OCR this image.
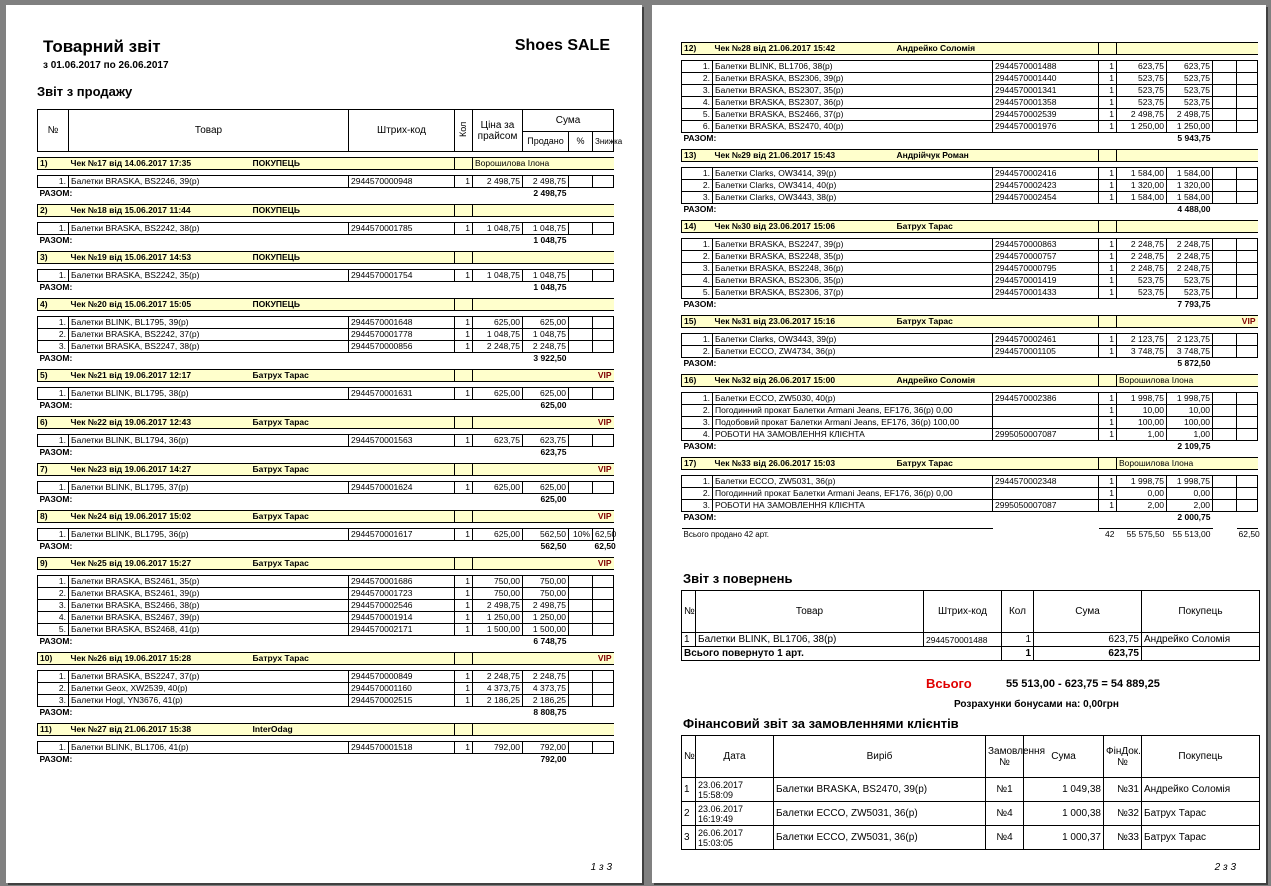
Товарний звіт	Shoes SALE
з 01.06.2017 по 26.06.2017
Звіт з продажу
№	Товар	Штрих-код	Кол	Ціна за прайсом	Сума		
					Продано	%	Знижка

1)	Чек №17 від 14.06.2017 17:35 ПОКУПЕЦЬ			Ворошилова Ілона			

1.	Балетки BRASKA, BS2246, 39(р)	2944570000948	1	2 498,75	2 498,75		
РАЗОМ:					2 498,75		

2)	Чек №18 від 15.06.2017 11:44 ПОКУПЕЦЬ						

1.	Балетки BRASKA, BS2242, 38(р)	2944570001785	1	1 048,75	1 048,75		
РАЗОМ:					1 048,75		

3)	Чек №19 від 15.06.2017 14:53 ПОКУПЕЦЬ						

1.	Балетки BRASKA, BS2242, 35(р)	2944570001754	1	1 048,75	1 048,75		
РАЗОМ:					1 048,75		

4)	Чек №20 від 15.06.2017 15:05 ПОКУПЕЦЬ						

1.	Балетки BLINK, BL1795, 39(р)	2944570001648	1	625,00	625,00		
2.	Балетки BRASKA, BS2242, 37(р)	2944570001778	1	1 048,75	1 048,75		
3.	Балетки BRASKA, BS2247, 38(р)	2944570000856	1	2 248,75	2 248,75		
РАЗОМ:					3 922,50		

5)	Чек №21 від 19.06.2017 12:17 Батрух Тарас						VIP

1.	Балетки BLINK, BL1795, 38(р)	2944570001631	1	625,00	625,00		
РАЗОМ:					625,00		

6)	Чек №22 від 19.06.2017 12:43 Батрух Тарас						VIP

1.	Балетки BLINK, BL1794, 36(р)	2944570001563	1	623,75	623,75		
РАЗОМ:					623,75		

7)	Чек №23 від 19.06.2017 14:27 Батрух Тарас						VIP

1.	Балетки BLINK, BL1795, 37(р)	2944570001624	1	625,00	625,00		
РАЗОМ:					625,00		

8)	Чек №24 від 19.06.2017 15:02 Батрух Тарас						VIP

1.	Балетки BLINK, BL1795, 36(р)	2944570001617	1	625,00	562,50	10%	62,50
РАЗОМ:					562,50		62,50

9)	Чек №25 від 19.06.2017 15:27 Батрух Тарас						VIP

1.	Балетки BRASKA, BS2461, 35(р)	2944570001686	1	750,00	750,00		
2.	Балетки BRASKA, BS2461, 39(р)	2944570001723	1	750,00	750,00		
3.	Балетки BRASKA, BS2466, 38(р)	2944570002546	1	2 498,75	2 498,75		
4.	Балетки BRASKA, BS2467, 39(р)	2944570001914	1	1 250,00	1 250,00		
5.	Балетки BRASKA, BS2468, 41(р)	2944570002171	1	1 500,00	1 500,00		
РАЗОМ:					6 748,75		

10)	Чек №26 від 19.06.2017 15:28 Батрух Тарас						VIP

1.	Балетки BRASKA, BS2247, 37(р)	2944570000849	1	2 248,75	2 248,75		
2.	Балетки Geox, XW2539, 40(р)	2944570001160	1	4 373,75	4 373,75		
3.	Балетки Hogl, YN3676, 41(р)	2944570002515	1	2 186,25	2 186,25		
РАЗОМ:					8 808,75		

11)	Чек №27 від 21.06.2017 15:38 InterOdag						

1.	Балетки BLINK, BL1706, 41(р)	2944570001518	1	792,00	792,00		
РАЗОМ:					792,00		
1 з 3

12)	Чек №28 від 21.06.2017 15:42 Андрейко Соломія						

1.	Балетки BLINK, BL1706, 38(р)	2944570001488	1	623,75	623,75		
2.	Балетки BRASKA, BS2306, 39(р)	2944570001440	1	523,75	523,75		
3.	Балетки BRASKA, BS2307, 35(р)	2944570001341	1	523,75	523,75		
4.	Балетки BRASKA, BS2307, 36(р)	2944570001358	1	523,75	523,75		
5.	Балетки BRASKA, BS2466, 37(р)	2944570002539	1	2 498,75	2 498,75		
6.	Балетки BRASKA, BS2470, 40(р)	2944570001976	1	1 250,00	1 250,00		
РАЗОМ:					5 943,75		

13)	Чек №29 від 21.06.2017 15:43 Андрійчук Роман						

1.	Балетки Clarks, OW3414, 39(р)	2944570002416	1	1 584,00	1 584,00		
2.	Балетки Clarks, OW3414, 40(р)	2944570002423	1	1 320,00	1 320,00		
3.	Балетки Clarks, OW3443, 38(р)	2944570002454	1	1 584,00	1 584,00		
РАЗОМ:					4 488,00		

14)	Чек №30 від 23.06.2017 15:06 Батрух Тарас						

1.	Балетки BRASKA, BS2247, 39(р)	2944570000863	1	2 248,75	2 248,75		
2.	Балетки BRASKA, BS2248, 35(р)	2944570000757	1	2 248,75	2 248,75		
3.	Балетки BRASKA, BS2248, 36(р)	2944570000795	1	2 248,75	2 248,75		
4.	Балетки BRASKA, BS2306, 35(р)	2944570001419	1	523,75	523,75		
5.	Балетки BRASKA, BS2306, 37(р)	2944570001433	1	523,75	523,75		
РАЗОМ:					7 793,75		

15)	Чек №31 від 23.06.2017 15:16 Батрух Тарас						VIP

1.	Балетки Clarks, OW3443, 39(р)	2944570002461	1	2 123,75	2 123,75		
2.	Балетки ECCO, ZW4734, 36(р)	2944570001105	1	3 748,75	3 748,75		
РАЗОМ:					5 872,50		

16)	Чек №32 від 26.06.2017 15:00 Андрейко Соломія			Ворошилова Ілона			

1.	Балетки ECCO, ZW5030, 40(р)	2944570002386	1	1 998,75	1 998,75		
2.	Погодинний прокат Балетки Armani Jeans, EF176, 36(р) 0,00		1	10,00	10,00		
3.	Подобовий прокат Балетки Armani Jeans, EF176, 36(р) 100,00		1	100,00	100,00		
4.	РОБОТИ НА ЗАМОВЛЕННЯ КЛІЄНТА	2995050007087	1	1,00	1,00		
РАЗОМ:					2 109,75		

17)	Чек №33 від 26.06.2017 15:03 Батрух Тарас			Ворошилова Ілона			

1.	Балетки ECCO, ZW5031, 36(р)	2944570002348	1	1 998,75	1 998,75		
2.	Погодинний прокат Балетки Armani Jeans, EF176, 36(р) 0,00		1	0,00	0,00		
3.	РОБОТИ НА ЗАМОВЛЕННЯ КЛІЄНТА	2995050007087	1	2,00	2,00		
РАЗОМ:					2 000,75		

Всього продано 42 арт.			42	55 575,50	55 513,00		62,50
Звіт з повернень
№	Товар	Штрих-код	Кол	Сума	Покупець
1	Балетки BLINK, BL1706, 38(р)	2944570001488	1	623,75	Андрейко Соломія
Всього повернуто 1 арт.			1	623,75	
Всього	55 513,00 - 623,75 = 54 889,25
Розрахунки бонусами на: 0,00грн
Фінансовий звіт за замовленнями клієнтів
№	Дата	Виріб	Замовлення №	Сума	ФінДок. №	Покупець
1	23.06.2017 15:58:09	Балетки BRASKA, BS2470, 39(р)	№1	1 049,38	№31	Андрейко Соломія
2	23.06.2017 16:19:49	Балетки ECCO, ZW5031, 36(р)	№4	1 000,38	№32	Батрух Тарас
3	26.06.2017 15:03:05	Балетки ECCO, ZW5031, 36(р)	№4	1 000,37	№33	Батрух Тарас
2 з 3
